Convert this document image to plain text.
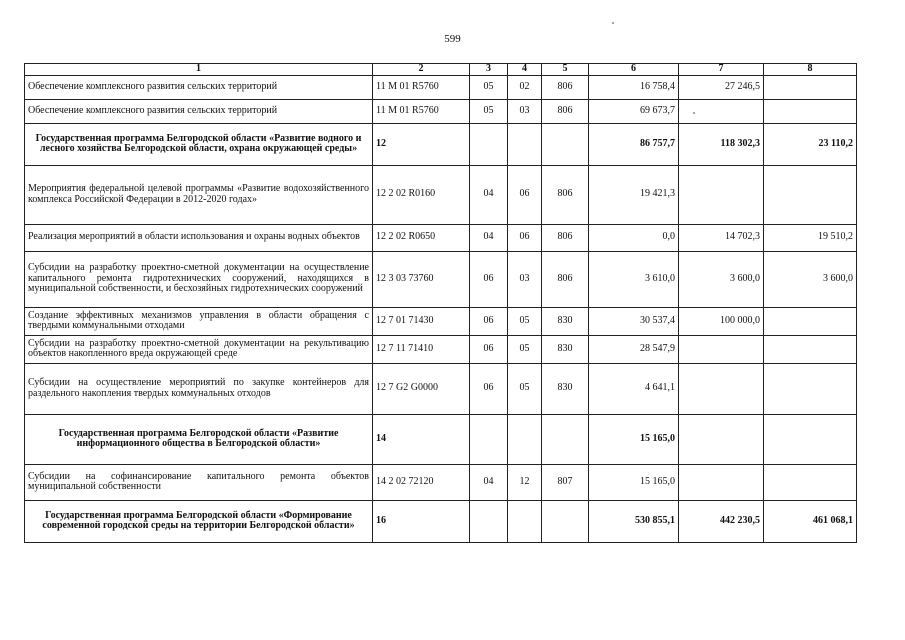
599
1	2	3	4	5	6	7	8
Обеспечение комплексного развития сельских территорий	11 М 01 R5760	05	02	806	16 758,4	27 246,5	
Обеспечение комплексного развития сельских территорий	11 М 01 R5760	05	03	806	69 673,7		
Государственная программа Белгородской области «Развитие водного и лесного хозяйства Белгородской области, охрана окружающей среды»	12				86 757,7	118 302,3	23 110,2
Мероприятия федеральной целевой программы «Развитие водохозяйственного комплекса Российской Федерации в 2012-2020 годах»	12 2 02 R0160	04	06	806	19 421,3		
Реализация мероприятий в области использования и охраны водных объектов	12 2 02 R0650	04	06	806	0,0	14 702,3	19 510,2
Субсидии на разработку проектно-сметной документации на осуществление капитального ремонта гидротехнических сооружений, находящихся в муниципальной собственности, и бесхозяйных гидротехнических сооружений	12 3 03 73760	06	03	806	3 610,0	3 600,0	3 600,0
Создание эффективных механизмов управления в области обращения с твердыми коммунальными отходами	12 7 01 71430	06	05	830	30 537,4	100 000,0	
Субсидии на разработку проектно-сметной документации на рекультивацию объектов накопленного вреда окружающей среде	12 7 11 71410	06	05	830	28 547,9		
Субсидии на осуществление мероприятий по закупке контейнеров для раздельного накопления твердых коммунальных отходов	12 7 G2 G0000	06	05	830	4 641,1		
Государственная программа Белгородской области «Развитие информационного общества в Белгородской области»	14				15 165,0		
Субсидии на софинансирование капитального ремонта объектов муниципальной собственности	14 2 02 72120	04	12	807	15 165,0		
Государственная программа Белгородской области «Формирование современной городской среды на территории Белгородской области»	16				530 855,1	442 230,5	461 068,1
